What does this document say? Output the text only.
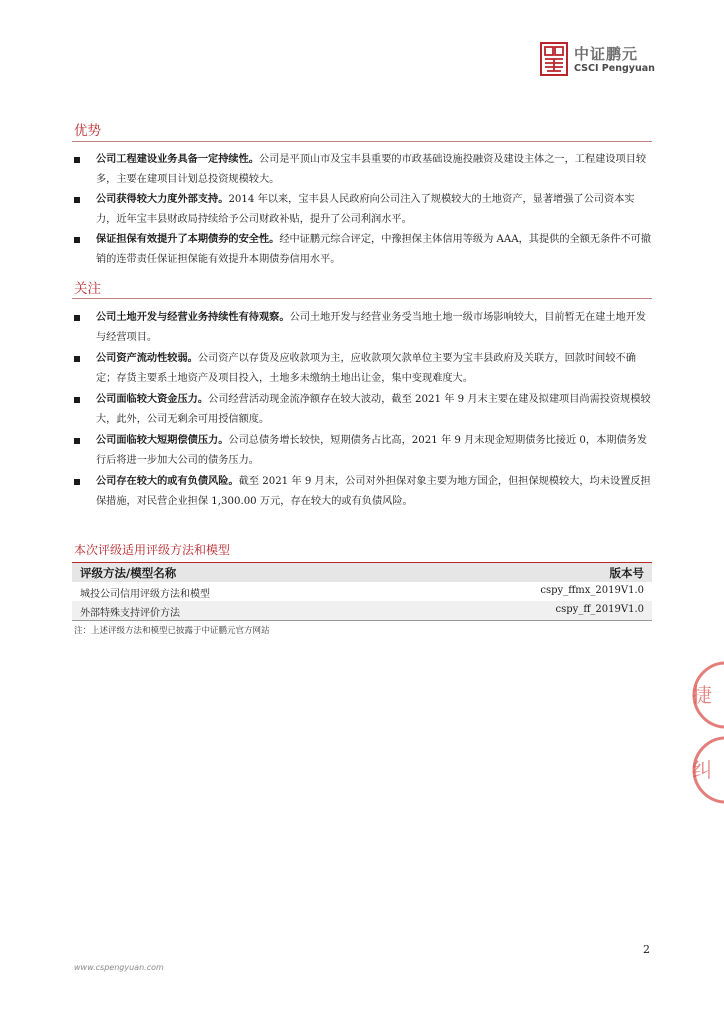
中证鹏元
CSCI Pengyuan
优势
公司工程建设业务具备一定持续性。公司是平顶山市及宝丰县重要的市政基础设施投融资及建设主体之一，工程建设项目较多，主要在建项目计划总投资规模较大。
公司获得较大力度外部支持。2014 年以来，宝丰县人民政府向公司注入了规模较大的土地资产，显著增强了公司资本实力，近年宝丰县财政局持续给予公司财政补贴，提升了公司利润水平。
保证担保有效提升了本期债券的安全性。经中证鹏元综合评定，中豫担保主体信用等级为 AAA，其提供的全额无条件不可撤销的连带责任保证担保能有效提升本期债券信用水平。
关注
公司土地开发与经营业务持续性有待观察。公司土地开发与经营业务受当地土地一级市场影响较大，目前暂无在建土地开发与经营项目。
公司资产流动性较弱。公司资产以存货及应收款项为主，应收款项欠款单位主要为宝丰县政府及关联方，回款时间较不确定；存货主要系土地资产及项目投入，土地多未缴纳土地出让金，集中变现难度大。
公司面临较大资金压力。公司经营活动现金流净额存在较大波动，截至 2021 年 9 月末主要在建及拟建项目尚需投资规模较大，此外，公司无剩余可用授信额度。
公司面临较大短期偿债压力。公司总债务增长较快，短期债务占比高，2021 年 9 月末现金短期债务比接近 0，本期债务发行后将进一步加大公司的债务压力。
公司存在较大的或有负债风险。截至 2021 年 9 月末，公司对外担保对象主要为地方国企，但担保规模较大，均未设置反担保措施，对民营企业担保 1,300.00 万元，存在较大的或有负债风险。
本次评级适用评级方法和模型
评级方法/模型名称	版本号
城投公司信用评级方法和模型	cspy_ffmx_2019V1.0
外部特殊支持评价方法	cspy_ff_2019V1.0
注：上述评级方法和模型已披露于中证鹏元官方网站
捷
纠
2
www.cspengyuan.com
